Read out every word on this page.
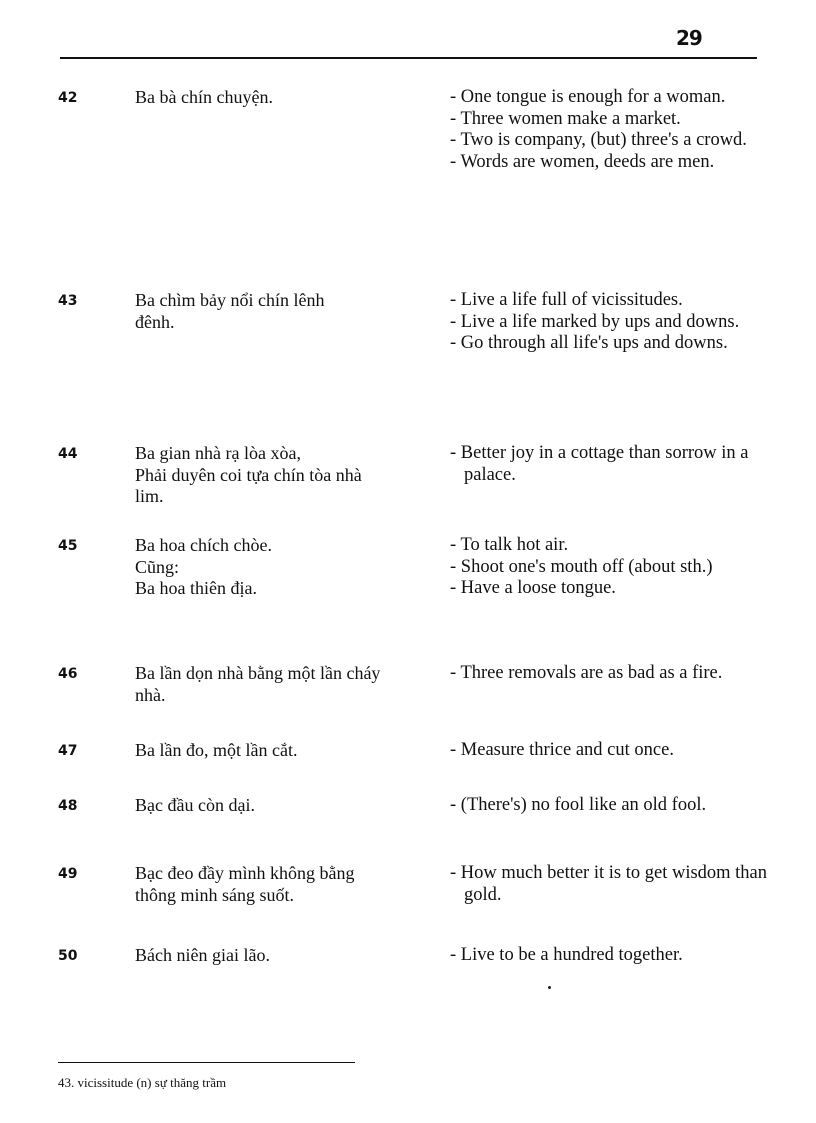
29
42	Ba bà chín chuyện.	- One tongue is enough for a woman.
- Three women make a market.
- Two is company, (but) three's a crowd.
- Words are women, deeds are men.
43	Ba chìm bảy nổi chín lênh
đênh.
- Live a life full of vicissitudes.
- Live a life marked by ups and downs.
- Go through all life's ups and downs.
44	Ba gian nhà rạ lòa xòa,
Phải duyên coi tựa chín tòa nhà
lim.
- Better joy in a cottage than sorrow in a palace.
45	Ba hoa chích chòe.
Cũng:
Ba hoa thiên địa.
- To talk hot air.
- Shoot one's mouth off (about sth.)
- Have a loose tongue.
46	Ba lần dọn nhà bằng một lần cháy
nhà.
- Three removals are as bad as a fire.
47	Ba lần đo, một lần cắt.	- Measure thrice and cut once.
48	Bạc đầu còn dại.	- (There's) no fool like an old fool.
49	Bạc đeo đầy mình không bằng
thông minh sáng suốt.
- How much better it is to get wisdom than gold.
50	Bách niên giai lão.	- Live to be a hundred together.
43. vicissitude (n) sự thăng trầm
